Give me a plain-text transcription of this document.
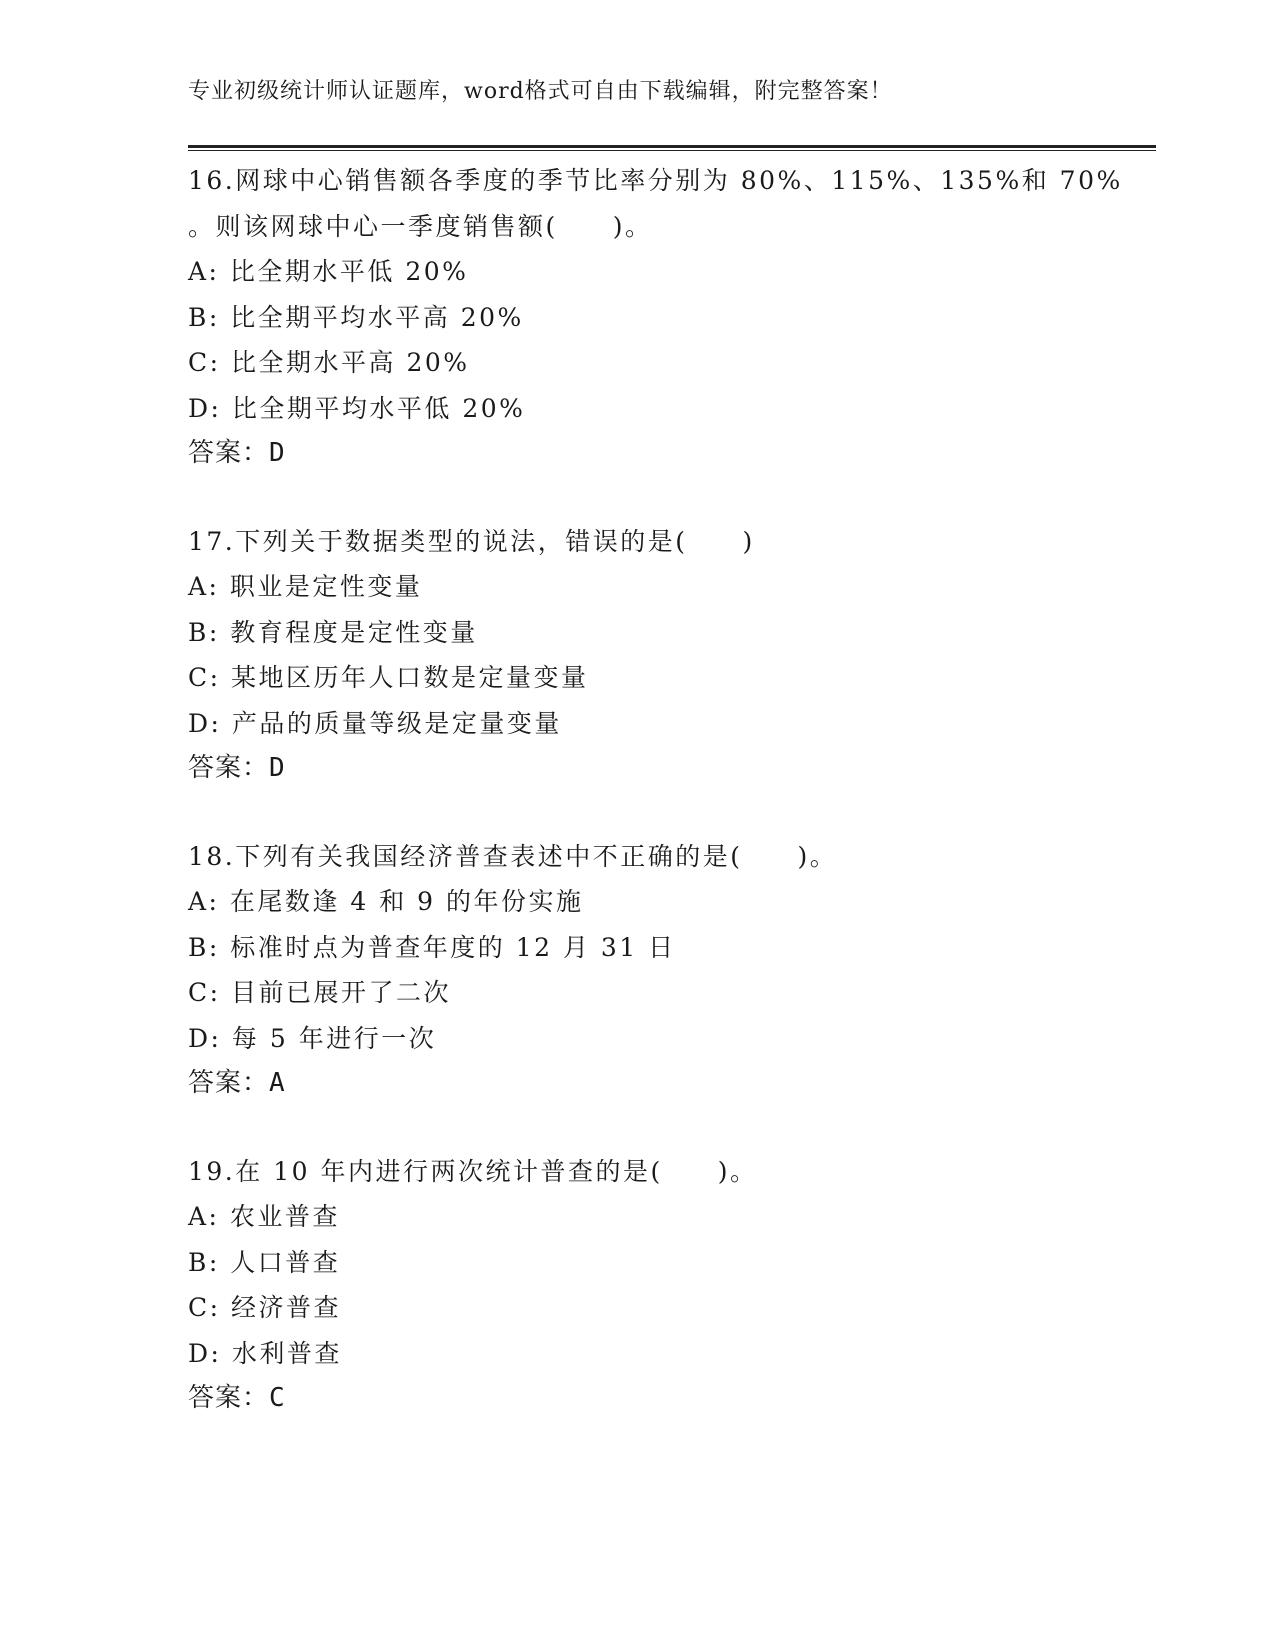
专业初级统计师认证题库，word格式可自由下载编辑，附完整答案！
16.网球中心销售额各季度的季节比率分别为 80%、115%、135%和 70%
。则该网球中心一季度销售额(　　)。
A: 比全期水平低 20%
B: 比全期平均水平高 20%
C: 比全期水平高 20%
D: 比全期平均水平低 20%
答案：D
17.下列关于数据类型的说法，错误的是(　　)
A: 职业是定性变量
B: 教育程度是定性变量
C: 某地区历年人口数是定量变量
D: 产品的质量等级是定量变量
答案：D
18.下列有关我国经济普查表述中不正确的是(　　)。
A: 在尾数逢 4 和 9 的年份实施
B: 标准时点为普查年度的 12 月 31 日
C: 目前已展开了二次
D: 每 5 年进行一次
答案：A
19.在 10 年内进行两次统计普查的是(　　)。
A: 农业普查
B: 人口普查
C: 经济普查
D: 水利普查
答案：C
